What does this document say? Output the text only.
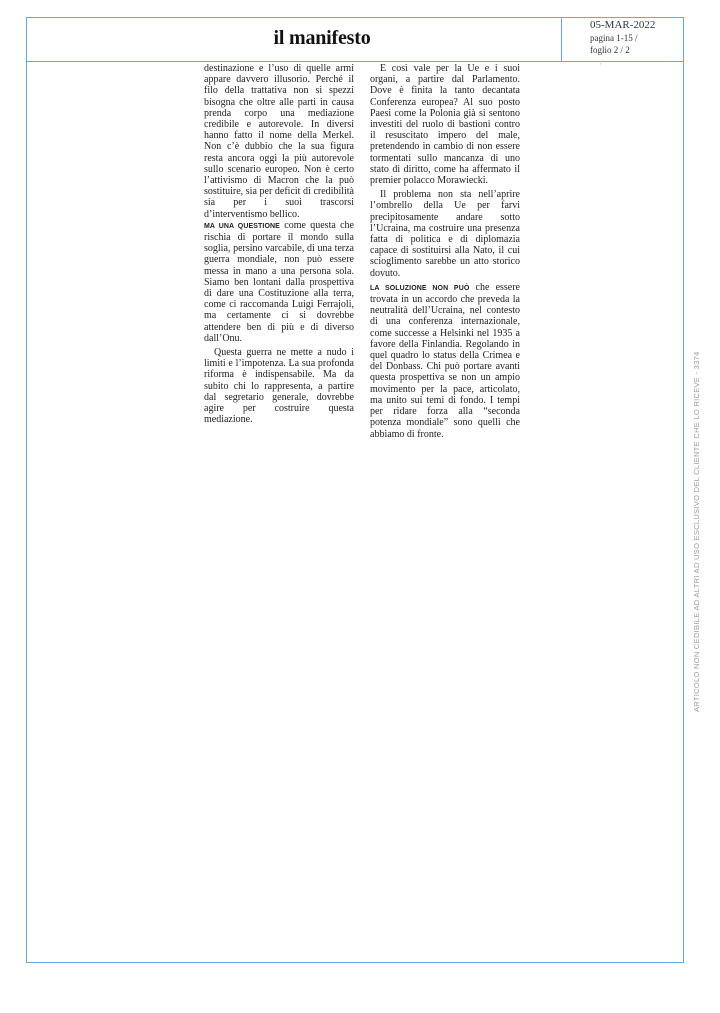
il manifesto
05-MAR-2022
pagina 1-15 /
foglio 2 / 2
ˈ

destinazione e l’uso di quelle armi appare davvero illusorio. Perché il filo della trattativa non si spezzi bisogna che oltre alle parti in causa prenda corpo una mediazione credibile e autorevole. In diversi hanno fatto il nome della Merkel. Non c’è dubbio che la sua figura resta ancora oggi la più autorevole sullo scenario europeo. Non è certo l’attivismo di Macron che la può sostituire, sia per deficit di credibilità sia per i suoi trascorsi d’interventismo bellico.

MA UNA QUESTIONE come questa che rischia di portare il mondo sulla soglia, persino varcabile, di una terza guerra mondiale, non può essere messa in mano a una persona sola. Siamo ben lontani dalla prospettiva di dare una Costituzione alla terra, come ci raccomanda Luigi Ferrajoli, ma certamente ci si dovrebbe attendere ben di più e di diverso dall’Onu.

Questa guerra ne mette a nudo i limiti e l’impotenza. La sua profonda riforma è indispensabile. Ma da subito chi lo rappresenta, a partire dal segretario generale, dovrebbe agire per costruire questa mediazione.

E così vale per la Ue e i suoi organi, a partire dal Parlamento. Dove è finita la tanto decantata Conferenza europea? Al suo posto Paesi come la Polonia già si sentono investiti del ruolo di bastioni contro il resuscitato impero del male, pretendendo in cambio di non essere tormentati sullo mancanza di uno stato di diritto, come ha affermato il premier polacco Morawiecki.

Il problema non sta nell’aprire l’ombrello della Ue per farvi precipitosamente andare sotto l’Ucraina, ma costruire una presenza fatta di politica e di diplomazia capace di sostituirsi alla Nato, il cui scioglimento sarebbe un atto storico dovuto.

LA SOLUZIONE NON PUÒ che essere trovata in un accordo che preveda la neutralità dell’Ucraina, nel contesto di una conferenza internazionale, come successe a Helsinki nel 1935 a favore della Finlandia. Regolando in quel quadro lo status della Crimea e del Donbass. Chi può portare avanti questa prospettiva se non un ampio movimento per la pace, articolato, ma unito sui temi di fondo. I tempi per ridare forza alla “seconda potenza mondiale” sono quelli che abbiamo di fronte.	ARTICOLO NON CEDIBILE AD ALTRI AD USO ESCLUSIVO DEL CLIENTE CHE LO RICEVE - 3374
